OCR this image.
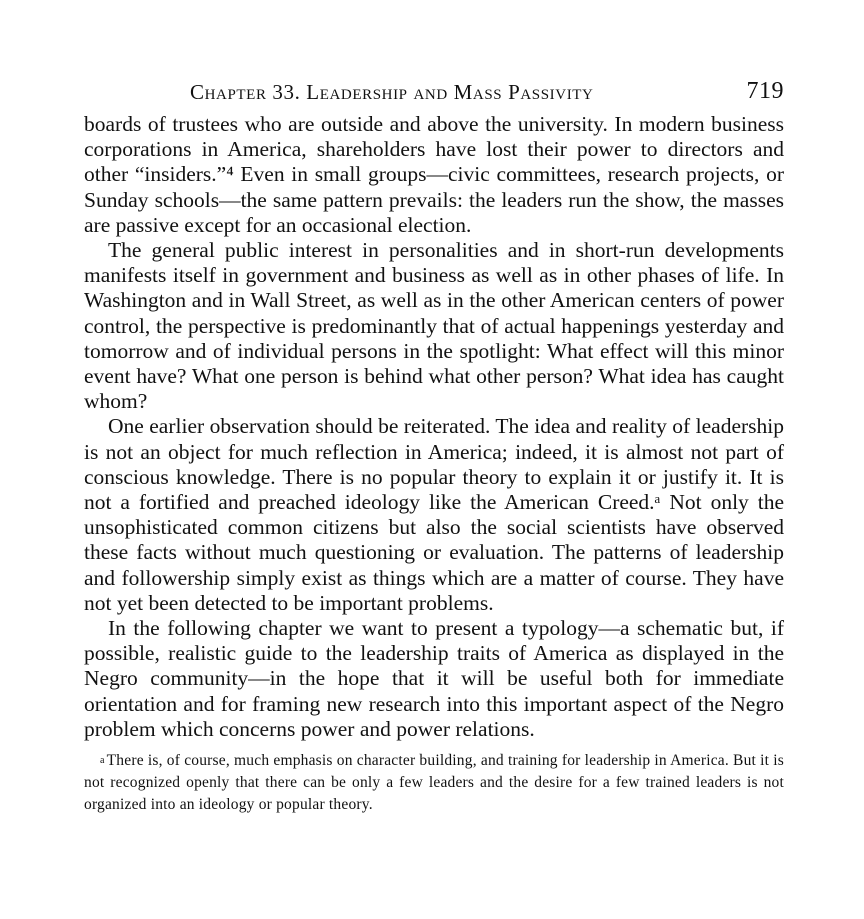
Chapter 33. Leadership and Mass Passivity	719

boards of trustees who are outside and above the university. In modern business corporations in America, shareholders have lost their power to directors and other “insiders.”⁴ Even in small groups—civic committees, research projects, or Sunday schools—the same pattern prevails: the leaders run the show, the masses are passive except for an occasional election.

The general public interest in personalities and in short-run developments manifests itself in government and business as well as in other phases of life. In Washington and in Wall Street, as well as in the other American centers of power control, the perspective is predominantly that of actual happenings yesterday and tomorrow and of individual persons in the spotlight: What effect will this minor event have? What one person is behind what other person? What idea has caught whom?

One earlier observation should be reiterated. The idea and reality of leadership is not an object for much reflection in America; indeed, it is almost not part of conscious knowledge. There is no popular theory to explain it or justify it. It is not a fortified and preached ideology like the American Creed.ᵃ Not only the unsophisticated common citizens but also the social scientists have observed these facts without much questioning or evaluation. The patterns of leadership and followership simply exist as things which are a matter of course. They have not yet been detected to be important problems.

In the following chapter we want to present a typology—a schematic but, if possible, realistic guide to the leadership traits of America as displayed in the Negro community—in the hope that it will be useful both for immediate orientation and for framing new research into this important aspect of the Negro problem which concerns power and power relations.

$^a$ There is, of course, much emphasis on character building, and training for leadership in America. But it is not recognized openly that there can be only a few leaders and the desire for a few trained leaders is not organized into an ideology or popular theory.
